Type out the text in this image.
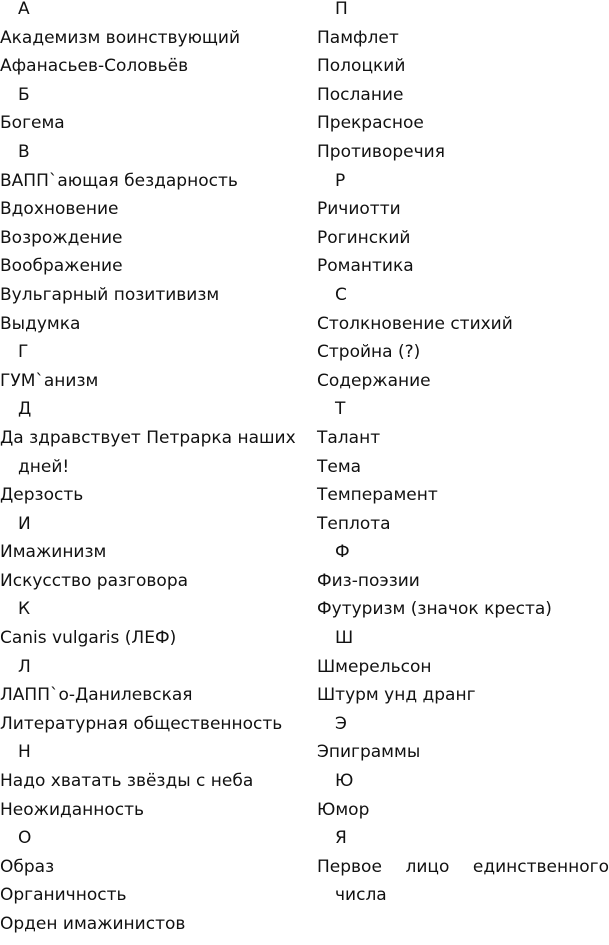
А
Академизм воинствующий
Афанасьев-Соловьёв
Б
Богема
В
ВАПП`ающая бездарность
Вдохновение
Возрождение
Воображение
Вульгарный позитивизм
Выдумка
Г
ГУМ`анизм
Д
Да здравствует Петрарка наших
дней!
Дерзость
И
Имажинизм
Искусство разговора
К
Canis vulgaris (ЛЕФ)
Л
ЛАПП`о-Данилевская
Литературная общественность
Н
Надо хватать звёзды с неба
Неожиданность
О
Образ
Органичность
Орден имажинистов
П
Памфлет
Полоцкий
Послание
Прекрасное
Противоречия
Р
Ричиотти
Рогинский
Романтика
С
Столкновение стихий
Стройна (?)
Содержание
Т
Талант
Тема
Темперамент
Теплота
Ф
Физ-поэзии
Футуризм (значок креста)
Ш
Шмерельсон
Штурм унд дранг
Э
Эпиграммы
Ю
Юмор
Я
Первое лицо единственного
числа
